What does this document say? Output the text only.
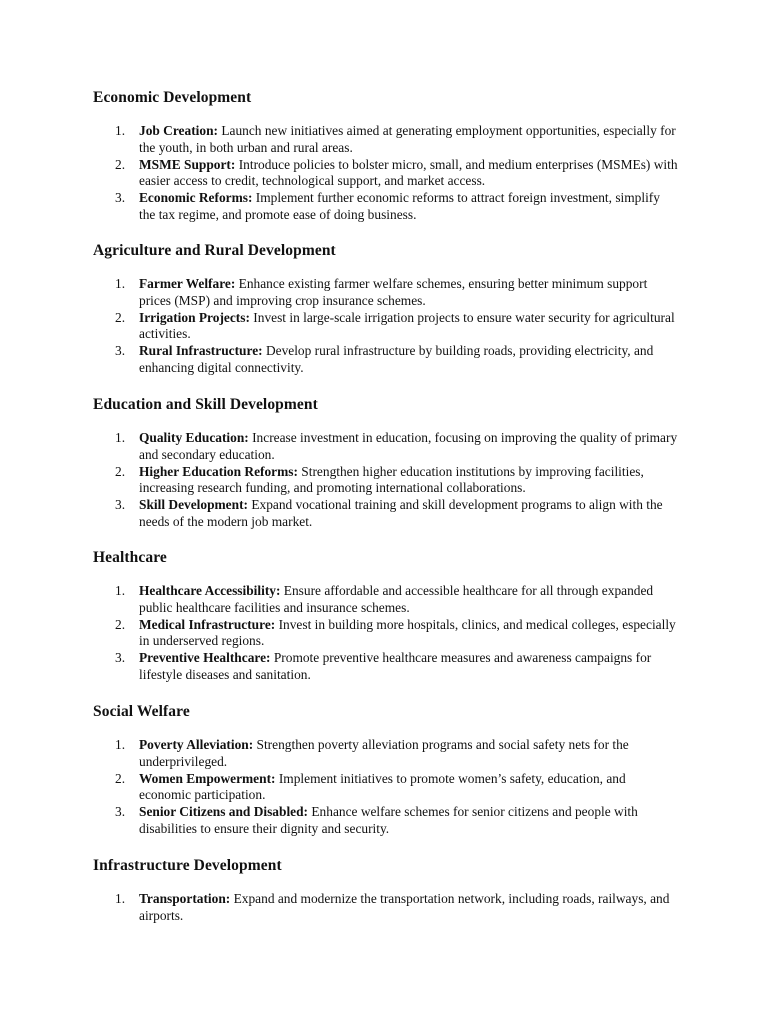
Economic Development
1. Job Creation: Launch new initiatives aimed at generating employment opportunities, especially for the youth, in both urban and rural areas.
2. MSME Support: Introduce policies to bolster micro, small, and medium enterprises (MSMEs) with easier access to credit, technological support, and market access.
3. Economic Reforms: Implement further economic reforms to attract foreign investment, simplify the tax regime, and promote ease of doing business.
Agriculture and Rural Development
1. Farmer Welfare: Enhance existing farmer welfare schemes, ensuring better minimum support prices (MSP) and improving crop insurance schemes.
2. Irrigation Projects: Invest in large-scale irrigation projects to ensure water security for agricultural activities.
3. Rural Infrastructure: Develop rural infrastructure by building roads, providing electricity, and enhancing digital connectivity.
Education and Skill Development
1. Quality Education: Increase investment in education, focusing on improving the quality of primary and secondary education.
2. Higher Education Reforms: Strengthen higher education institutions by improving facilities, increasing research funding, and promoting international collaborations.
3. Skill Development: Expand vocational training and skill development programs to align with the needs of the modern job market.
Healthcare
1. Healthcare Accessibility: Ensure affordable and accessible healthcare for all through expanded public healthcare facilities and insurance schemes.
2. Medical Infrastructure: Invest in building more hospitals, clinics, and medical colleges, especially in underserved regions.
3. Preventive Healthcare: Promote preventive healthcare measures and awareness campaigns for lifestyle diseases and sanitation.
Social Welfare
1. Poverty Alleviation: Strengthen poverty alleviation programs and social safety nets for the underprivileged.
2. Women Empowerment: Implement initiatives to promote women’s safety, education, and economic participation.
3. Senior Citizens and Disabled: Enhance welfare schemes for senior citizens and people with disabilities to ensure their dignity and security.
Infrastructure Development
1. Transportation: Expand and modernize the transportation network, including roads, railways, and airports.
